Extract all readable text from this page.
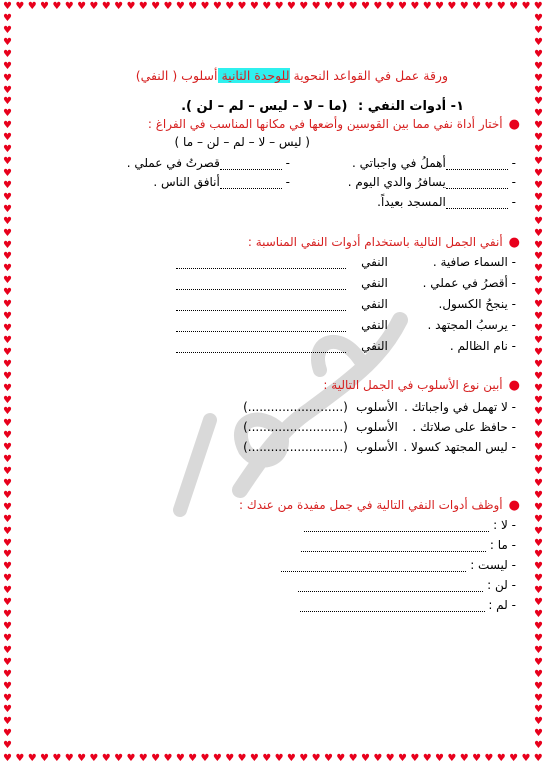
♥ ♥ ♥ ♥ ♥ ♥ ♥ ♥ ♥ ♥ ♥ ♥ ♥ ♥ ♥ ♥ ♥ ♥ ♥ ♥ ♥ ♥ ♥ ♥ ♥ ♥ ♥ ♥ ♥ ♥ ♥ ♥ ♥ ♥ ♥ ♥ ♥ ♥ ♥ ♥ ♥ ♥ ♥ ♥
♥ ♥ ♥ ♥ ♥ ♥ ♥ ♥ ♥ ♥ ♥ ♥ ♥ ♥ ♥ ♥ ♥ ♥ ♥ ♥ ♥ ♥ ♥ ♥ ♥ ♥ ♥ ♥ ♥ ♥ ♥ ♥ ♥ ♥ ♥ ♥ ♥ ♥ ♥ ♥ ♥ ♥ ♥ ♥
♥
♥
♥
♥
♥
♥
♥
♥
♥
♥
♥
♥
♥
♥
♥
♥
♥
♥
♥
♥
♥
♥
♥
♥
♥
♥
♥
♥
♥
♥
♥
♥
♥
♥
♥
♥
♥
♥
♥
♥
♥
♥
♥
♥
♥
♥
♥
♥
♥
♥
♥
♥
♥
♥
♥
♥
♥
♥
♥
♥
♥
♥
♥
♥
♥
♥
♥
♥
♥
♥
♥
♥
♥
♥
♥
♥
♥
♥
♥
♥
♥
♥
♥
♥
♥
♥
♥
♥
♥
♥
♥
♥
♥
♥
♥
♥
♥
♥
♥
♥
♥
♥
♥
♥
♥
♥
♥
♥
♥
♥
♥
♥
♥
♥
♥
♥
♥
♥
♥
♥
♥
♥
♥
♥
ورقة عمل في القواعد النحوية للوحدة الثانية أسلوب ( النفي)
١- أدوات النفي : (ما – لا – ليس – لم – لن ).
●أختار أداة نفي مما بين القوسين وأضعها في مكانها المناسب في الفراغ :
( ليس – لا – لم – لن – ما )
- أهملُ في واجباتي .
- قصرتُ في عملي .
- يسافرُ والدي اليوم .
- أنافق الناس .
- المسجد بعيداً.
●أنفي الجمل التالية باستخدام أدوات النفي المناسبة :
- السماء صافية .النفي
- أقصرُ في عملي .النفي
- ينجحُ الكسول.النفي
- يرسبُ المجتهد .النفي
- نام الظالم .النفي
●أبين نوع الأسلوب في الجمل التالية :
- لا تهمل في واجباتك .الأسلوب(.........................)
- حافظ على صلاتك .الأسلوب(.........................)
- ليس المجتهد كسولا .الأسلوب(.........................)
●أوظف أدوات النفي التالية في جمل مفيدة من عندك :
- لا :
- ما :
- ليست :
- لن :
- لم :
